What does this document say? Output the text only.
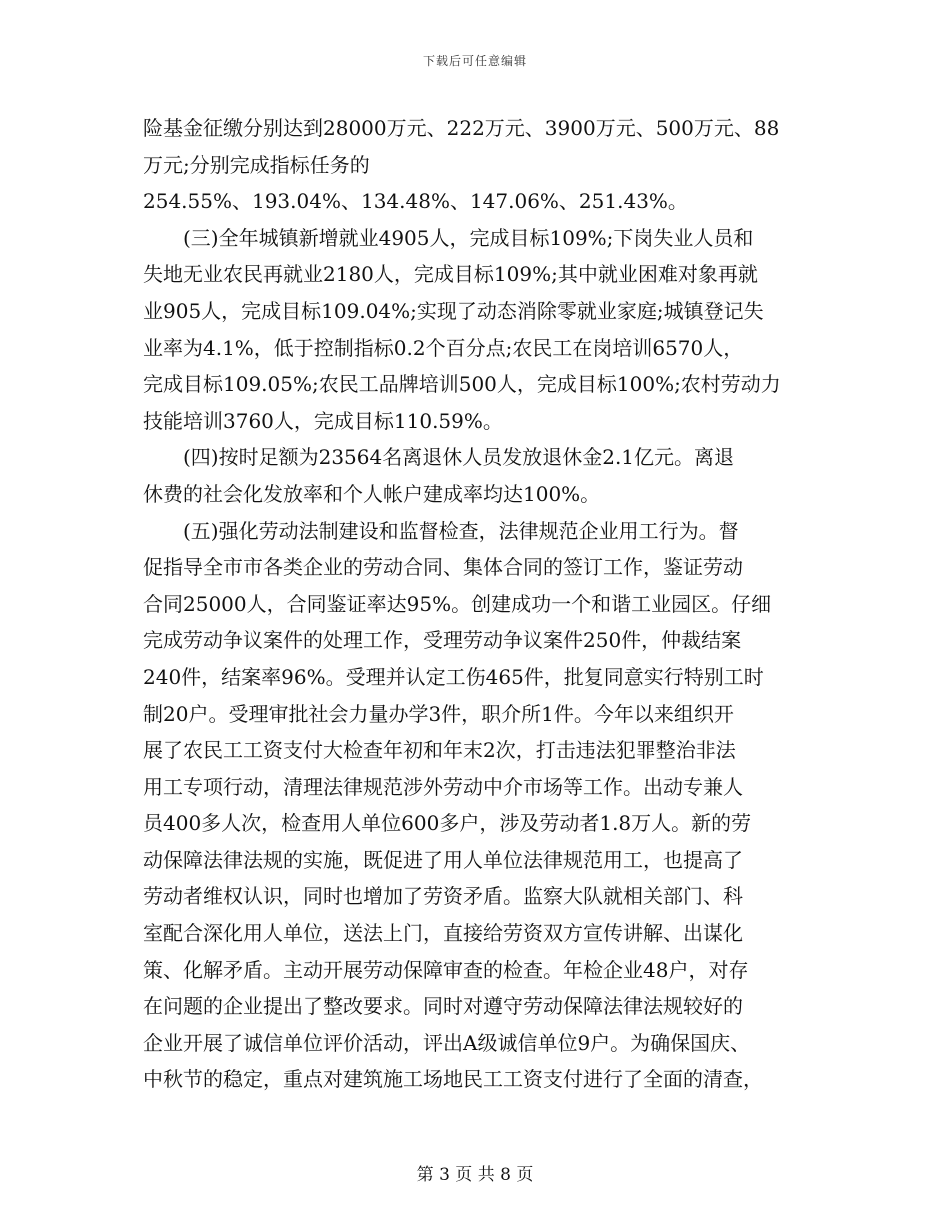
下载后可任意编辑
险基金征缴分别达到28000万元、222万元、3900万元、500万元、88
万元;分别完成指标任务的
254.55%、193.04%、134.48%、147.06%、251.43%。
　　(三)全年城镇新增就业4905人，完成目标109%;下岗失业人员和
失地无业农民再就业2180人，完成目标109%;其中就业困难对象再就
业905人，完成目标109.04%;实现了动态消除零就业家庭;城镇登记失
业率为4.1%，低于控制指标0.2个百分点;农民工在岗培训6570人，
完成目标109.05%;农民工品牌培训500人，完成目标100%;农村劳动力
技能培训3760人，完成目标110.59%。
　　(四)按时足额为23564名离退休人员发放退休金2.1亿元。离退
休费的社会化发放率和个人帐户建成率均达100%。
　　(五)强化劳动法制建设和监督检查，法律规范企业用工行为。督
促指导全市市各类企业的劳动合同、集体合同的签订工作，鉴证劳动
合同25000人，合同鉴证率达95%。创建成功一个和谐工业园区。仔细
完成劳动争议案件的处理工作，受理劳动争议案件250件，仲裁结案
240件，结案率96%。受理并认定工伤465件，批复同意实行特别工时
制20户。受理审批社会力量办学3件，职介所1件。今年以来组织开
展了农民工工资支付大检查年初和年末2次，打击违法犯罪整治非法
用工专项行动，清理法律规范涉外劳动中介市场等工作。出动专兼人
员400多人次，检查用人单位600多户，涉及劳动者1.8万人。新的劳
动保障法律法规的实施，既促进了用人单位法律规范用工，也提高了
劳动者维权认识，同时也增加了劳资矛盾。监察大队就相关部门、科
室配合深化用人单位，送法上门，直接给劳资双方宣传讲解、出谋化
策、化解矛盾。主动开展劳动保障审查的检查。年检企业48户，对存
在问题的企业提出了整改要求。同时对遵守劳动保障法律法规较好的
企业开展了诚信单位评价活动，评出A级诚信单位9户。为确保国庆、
中秋节的稳定，重点对建筑施工场地民工工资支付进行了全面的清查，
第 3 页 共 8 页
